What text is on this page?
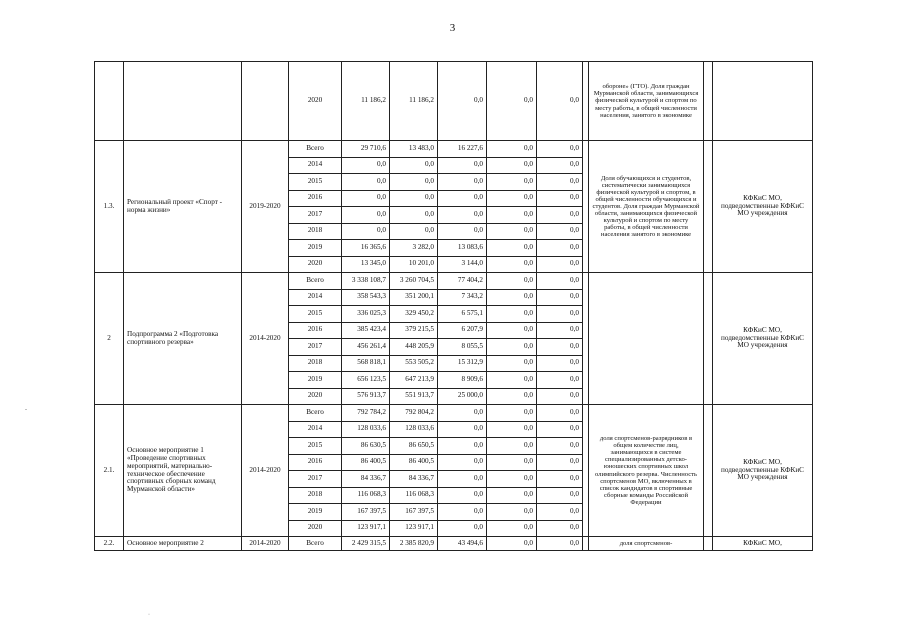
3
			2020	11 186,2	11 186,2	0,0	0,0	0,0		обороне» (ГТО). Доля граждан Мурманской области, занимающихся физической культурой и спортом по месту работы, в общей численности населения, занятого в экономике		
1.3.	Региональный проект «Спорт - норма жизни»	2019-2020	Всего	29 710,6	13 483,0	16 227,6	0,0	0,0		Доля обучающихся и студентов, систематически занимающихся физической культурой и спортом, в общей численности обучающихся и студентов. Доля граждан Мурманской области, занимающихся физической культурой и спортом по месту работы, в общей численности населения занятого в экономике		КФКиС МО, подведомственные КФКиС МО учреждения
			2014	0,0	0,0	0,0	0,0	0,0				
			2015	0,0	0,0	0,0	0,0	0,0				
			2016	0,0	0,0	0,0	0,0	0,0				
			2017	0,0	0,0	0,0	0,0	0,0				
			2018	0,0	0,0	0,0	0,0	0,0				
			2019	16 365,6	3 282,0	13 083,6	0,0	0,0				
			2020	13 345,0	10 201,0	3 144,0	0,0	0,0				
2	Подпрограмма 2 «Подготовка спортивного резерва»	2014-2020	Всего	3 338 108,7	3 260 704,5	77 404,2	0,0	0,0				КФКиС МО, подведомственные КФКиС МО учреждения
			2014	358 543,3	351 200,1	7 343,2	0,0	0,0				
			2015	336 025,3	329 450,2	6 575,1	0,0	0,0				
			2016	385 423,4	379 215,5	6 207,9	0,0	0,0				
			2017	456 261,4	448 205,9	8 055,5	0,0	0,0				
			2018	568 818,1	553 505,2	15 312,9	0,0	0,0				
			2019	656 123,5	647 213,9	8 909,6	0,0	0,0				
			2020	576 913,7	551 913,7	25 000,0	0,0	0,0				
2.1.	Основное мероприятие 1 «Проведение спортивных мероприятий, материально-техническое обеспечение спортивных сборных команд Мурманской области»	2014-2020	Всего	792 784,2	792 804,2	0,0	0,0	0,0		доля спортсменов-разрядников в общем количестве лиц, занимающихся в системе специализированных детско-юношеских спортивных школ олимпийского резерва. Численность спортсменов МО, включенных в список кандидатов в спортивные сборные команды Российской Федерации		КФКиС МО, подведомственные КФКиС МО учреждения
			2014	128 033,6	128 033,6	0,0	0,0	0,0				
			2015	86 630,5	86 650,5	0,0	0,0	0,0				
			2016	86 400,5	86 400,5	0,0	0,0	0,0				
			2017	84 336,7	84 336,7	0,0	0,0	0,0				
			2018	116 068,3	116 068,3	0,0	0,0	0,0				
			2019	167 397,5	167 397,5	0,0	0,0	0,0				
			2020	123 917,1	123 917,1	0,0	0,0	0,0				
2.2.	Основное мероприятие 2	2014-2020	Всего	2 429 315,5	2 385 820,9	43 494,6	0,0	0,0		доля спортсменов-		КФКиС МО,
-
·
